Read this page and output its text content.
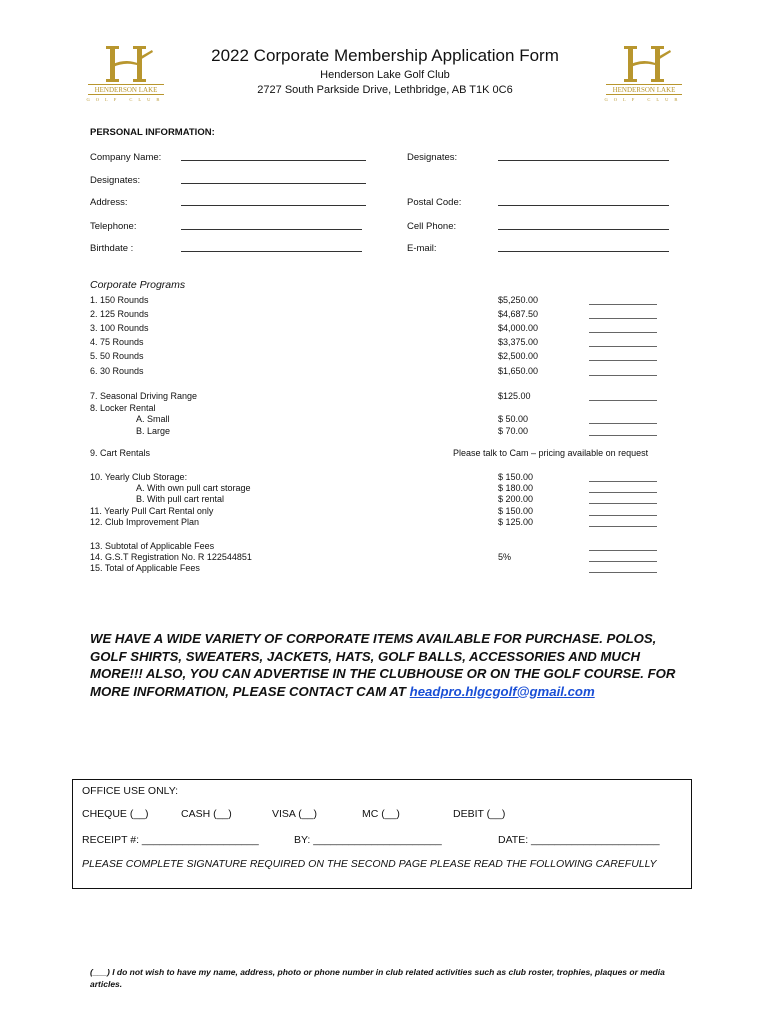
HENDERSON LAKE
GOLF CLUB
HENDERSON LAKE
GOLF CLUB
2022 Corporate Membership Application Form
Henderson Lake Golf Club
2727 South Parkside Drive, Lethbridge, AB T1K 0C6
PERSONAL INFORMATION:
Company Name:	Designates:
Designates:
Address:	Postal Code:
Telephone:	Cell Phone:
Birthdate :	E-mail:
Corporate Programs
1. 150 Rounds	$5,250.00
2. 125 Rounds	$4,687.50
3. 100 Rounds	$4,000.00
4. 75 Rounds	$3,375.00
5. 50 Rounds	$2,500.00
6. 30 Rounds	$1,650.00
7. Seasonal Driving Range	$125.00
8. Locker Rental
A. Small	$ 50.00
B. Large	$ 70.00
9. Cart Rentals	Please talk to Cam – pricing available on request
10. Yearly Club Storage:	$ 150.00
A. With own pull cart storage	$ 180.00
B. With pull cart rental	$ 200.00
11. Yearly Pull Cart Rental only	$ 150.00
12. Club Improvement Plan	$ 125.00
13. Subtotal of Applicable Fees
14. G.S.T Registration No. R 122544851	5%
15. Total of Applicable Fees
WE HAVE A WIDE VARIETY OF CORPORATE ITEMS AVAILABLE FOR PURCHASE. POLOS, GOLF SHIRTS, SWEATERS, JACKETS, HATS, GOLF BALLS, ACCESSORIES AND MUCH MORE!!! ALSO, YOU CAN ADVERTISE IN THE CLUBHOUSE OR ON THE GOLF COURSE. FOR MORE INFORMATION, PLEASE CONTACT CAM AT headpro.hlgcgolf@gmail.com
OFFICE USE ONLY:
CHEQUE (__)	CASH (__)	VISA (__)	MC (__)	DEBIT (__)
RECEIPT #: ____________________	BY: ______________________	DATE: ______________________
PLEASE COMPLETE SIGNATURE REQUIRED ON THE SECOND PAGE PLEASE READ THE FOLLOWING CAREFULLY
(___) I do not wish to have my name, address, photo or phone number in club related activities such as club roster, trophies, plaques or media articles.
